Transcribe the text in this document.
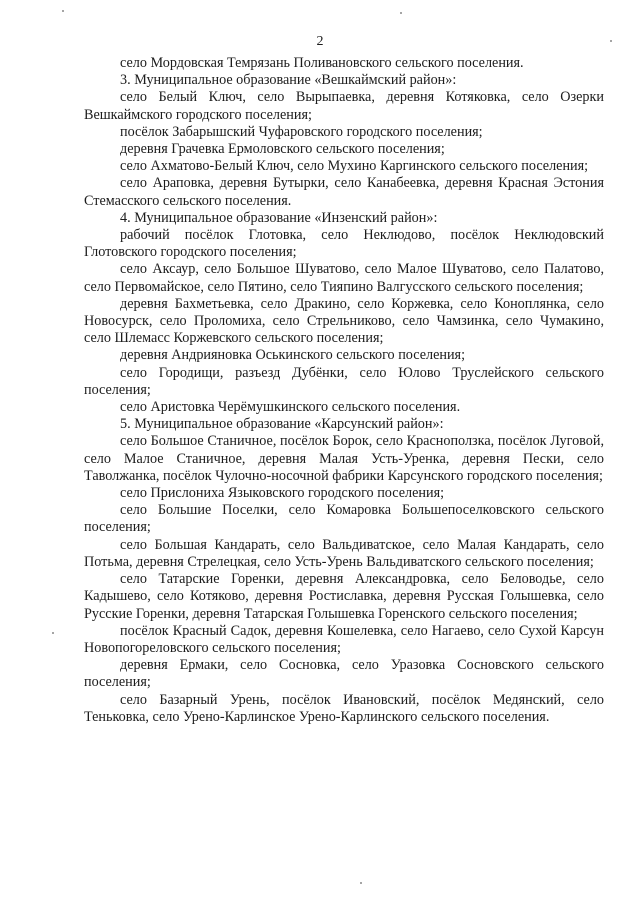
2

село Мордовская Темрязань Поливановского сельского поселения.

3. Муниципальное образование «Вешкаймский район»:

село Белый Ключ, село Вырыпаевка, деревня Котяковка, село Озерки Вешкаймского городского поселения;

посёлок Забарышский Чуфаровского городского поселения;

деревня Грачевка Ермоловского сельского поселения;

село Ахматово-Белый Ключ, село Мухино Каргинского сельского поселения;

село Араповка, деревня Бутырки, село Канабеевка, деревня Красная Эстония Стемасского сельского поселения.

4. Муниципальное образование «Инзенский район»:

рабочий посёлок Глотовка, село Неклюдово, посёлок Неклюдовский Глотовского городского поселения;

село Аксаур, село Большое Шуватово, село Малое Шуватово, село Палатово, село Первомайское, село Пятино, село Тияпино Валгусского сельского поселения;

деревня Бахметьевка, село Дракино, село Коржевка, село Коноплянка, село Новосурск, село Проломиха, село Стрельниково, село Чамзинка, село Чумакино, село Шлемасс Коржевского сельского поселения;

деревня Андрияновка Оськинского сельского поселения;

село Городищи, разъезд Дубёнки, село Юлово Труслейского сельского поселения;

село Аристовка Черёмушкинского сельского поселения.

5. Муниципальное образование «Карсунский район»:

село Большое Станичное, посёлок Борок, село Красноползка, посёлок Луговой, село Малое Станичное, деревня Малая Усть-Уренка, деревня Пески, село Таволжанка, посёлок Чулочно-носочной фабрики Карсунского городского поселения;

село Прислониха Языковского городского поселения;

село Большие Поселки, село Комаровка Большепоселковского сельского поселения;

село Большая Кандарать, село Вальдиватское, село Малая Кандарать, село Потьма, деревня Стрелецкая, село Усть-Урень Вальдиватского сельского поселения;

село Татарские Горенки, деревня Александровка, село Беловодье, село Кадышево, село Котяково, деревня Ростиславка, деревня Русская Голышевка, село Русские Горенки, деревня Татарская Голышевка Горенского сельского поселения;

посёлок Красный Садок, деревня Кошелевка, село Нагаево, село Сухой Карсун Новопогореловского сельского поселения;

деревня Ермаки, село Сосновка, село Уразовка Сосновского сельского поселения;

село Базарный Урень, посёлок Ивановский, посёлок Медянский, село Теньковка, село Урено-Карлинское Урено-Карлинского сельского поселения.
